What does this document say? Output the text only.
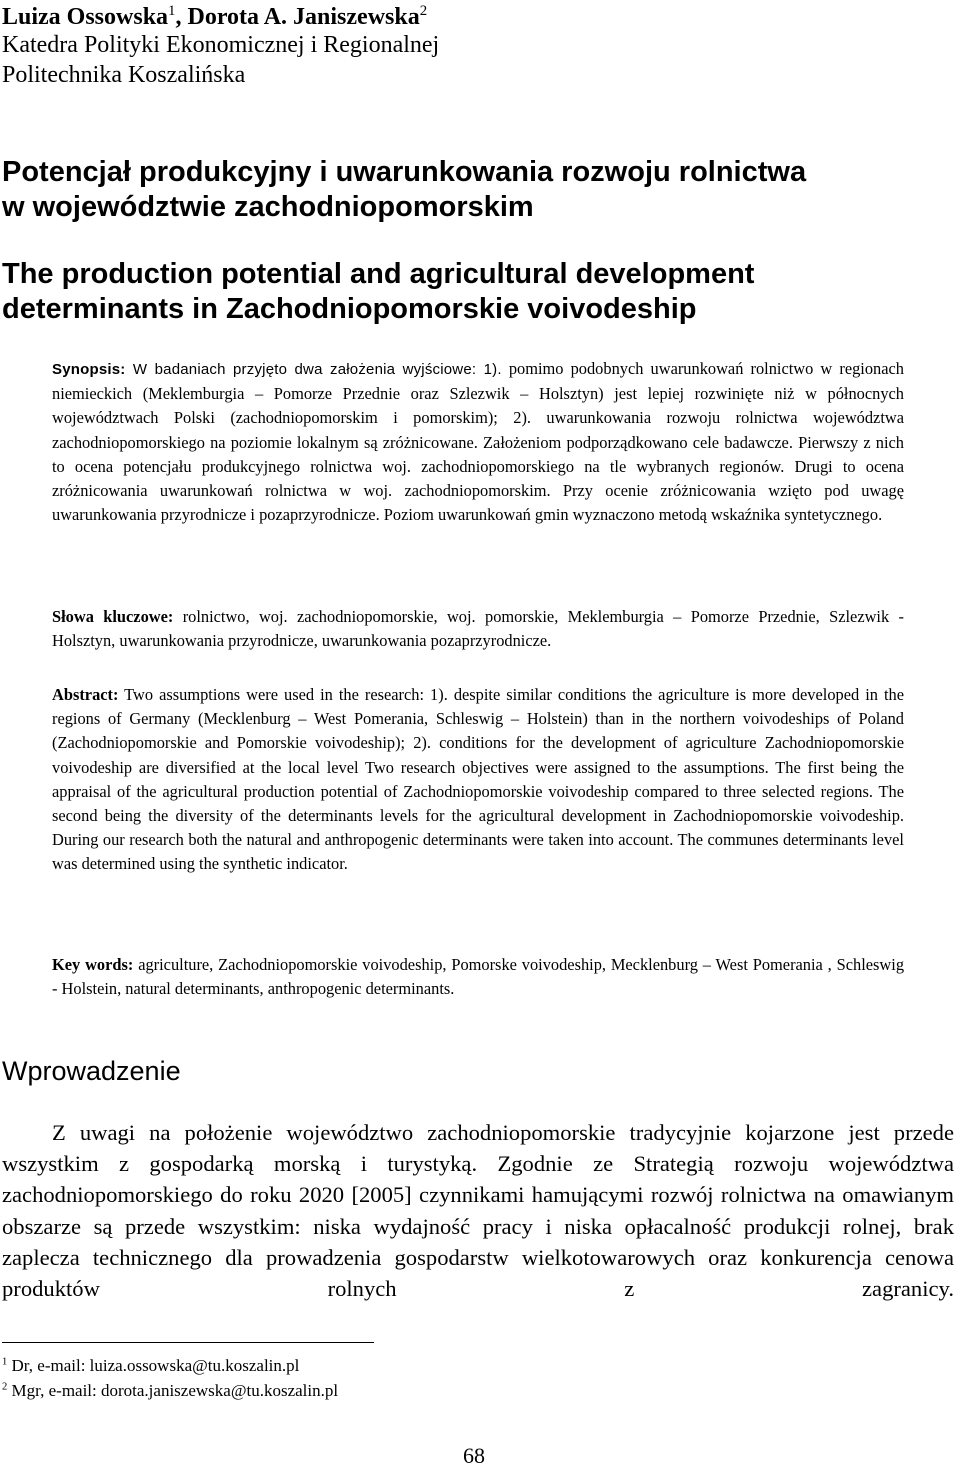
Luiza Ossowska$^1$, Dorota A. Janiszewska$^2$
Katedra Polityki Ekonomicznej i Regionalnej
Politechnika Koszalińska
Potencjał produkcyjny i uwarunkowania rozwoju rolnictwa
w województwie zachodniopomorskim
The production potential and agricultural development
determinants in Zachodniopomorskie voivodeship
Synopsis: W badaniach przyjęto dwa założenia wyjściowe: 1). pomimo podobnych uwarunkowań rolnictwo w regionach niemieckich (Meklemburgia – Pomorze Przednie oraz Szlezwik – Holsztyn) jest lepiej rozwinięte niż w północnych województwach Polski (zachodniopomorskim i pomorskim); 2). uwarunkowania rozwoju rolnictwa województwa zachodniopomorskiego na poziomie lokalnym są zróżnicowane. Założeniom podporządkowano cele badawcze. Pierwszy z nich to ocena potencjału produkcyjnego rolnictwa woj. zachodniopomorskiego na tle wybranych regionów. Drugi to ocena zróżnicowania uwarunkowań rolnictwa w woj. zachodniopomorskim. Przy ocenie zróżnicowania wzięto pod uwagę uwarunkowania przyrodnicze i pozaprzyrodnicze. Poziom uwarunkowań gmin wyznaczono metodą wskaźnika syntetycznego.
Słowa kluczowe: rolnictwo, woj. zachodniopomorskie, woj. pomorskie, Meklemburgia – Pomorze Przednie, Szlezwik - Holsztyn, uwarunkowania przyrodnicze, uwarunkowania pozaprzyrodnicze.
Abstract: Two assumptions were used in the research: 1). despite similar conditions the agriculture is more developed in the regions of Germany (Mecklenburg – West Pomerania, Schleswig – Holstein) than in the northern voivodeships of Poland (Zachodniopomorskie and Pomorskie voivodeship); 2). conditions for the development of agriculture Zachodniopomorskie voivodeship are diversified at the local level Two research objectives were assigned to the assumptions. The first being the appraisal of the agricultural production potential of Zachodniopomorskie voivodeship compared to three selected regions. The second being the diversity of the determinants levels for the agricultural development in Zachodniopomorskie voivodeship. During our research both the natural and anthropogenic determinants were taken into account. The communes determinants level was determined using the synthetic indicator.
Key words: agriculture, Zachodniopomorskie voivodeship, Pomorske voivodeship, Mecklenburg – West Pomerania , Schleswig - Holstein, natural determinants, anthropogenic determinants.
Wprowadzenie
Z uwagi na położenie województwo zachodniopomorskie tradycyjnie kojarzone jest przede wszystkim z gospodarką morską i turystyką. Zgodnie ze Strategią rozwoju województwa zachodniopomorskiego do roku 2020 [2005] czynnikami hamującymi rozwój rolnictwa na omawianym obszarze są przede wszystkim: niska wydajność pracy i niska opłacalność produkcji rolnej, brak zaplecza technicznego dla prowadzenia gospodarstw wielkotowarowych oraz konkurencja cenowa produktów rolnych z zagranicy.
$^1$ Dr, e-mail: luiza.ossowska@tu.koszalin.pl
$^2$ Mgr, e-mail: dorota.janiszewska@tu.koszalin.pl
68
